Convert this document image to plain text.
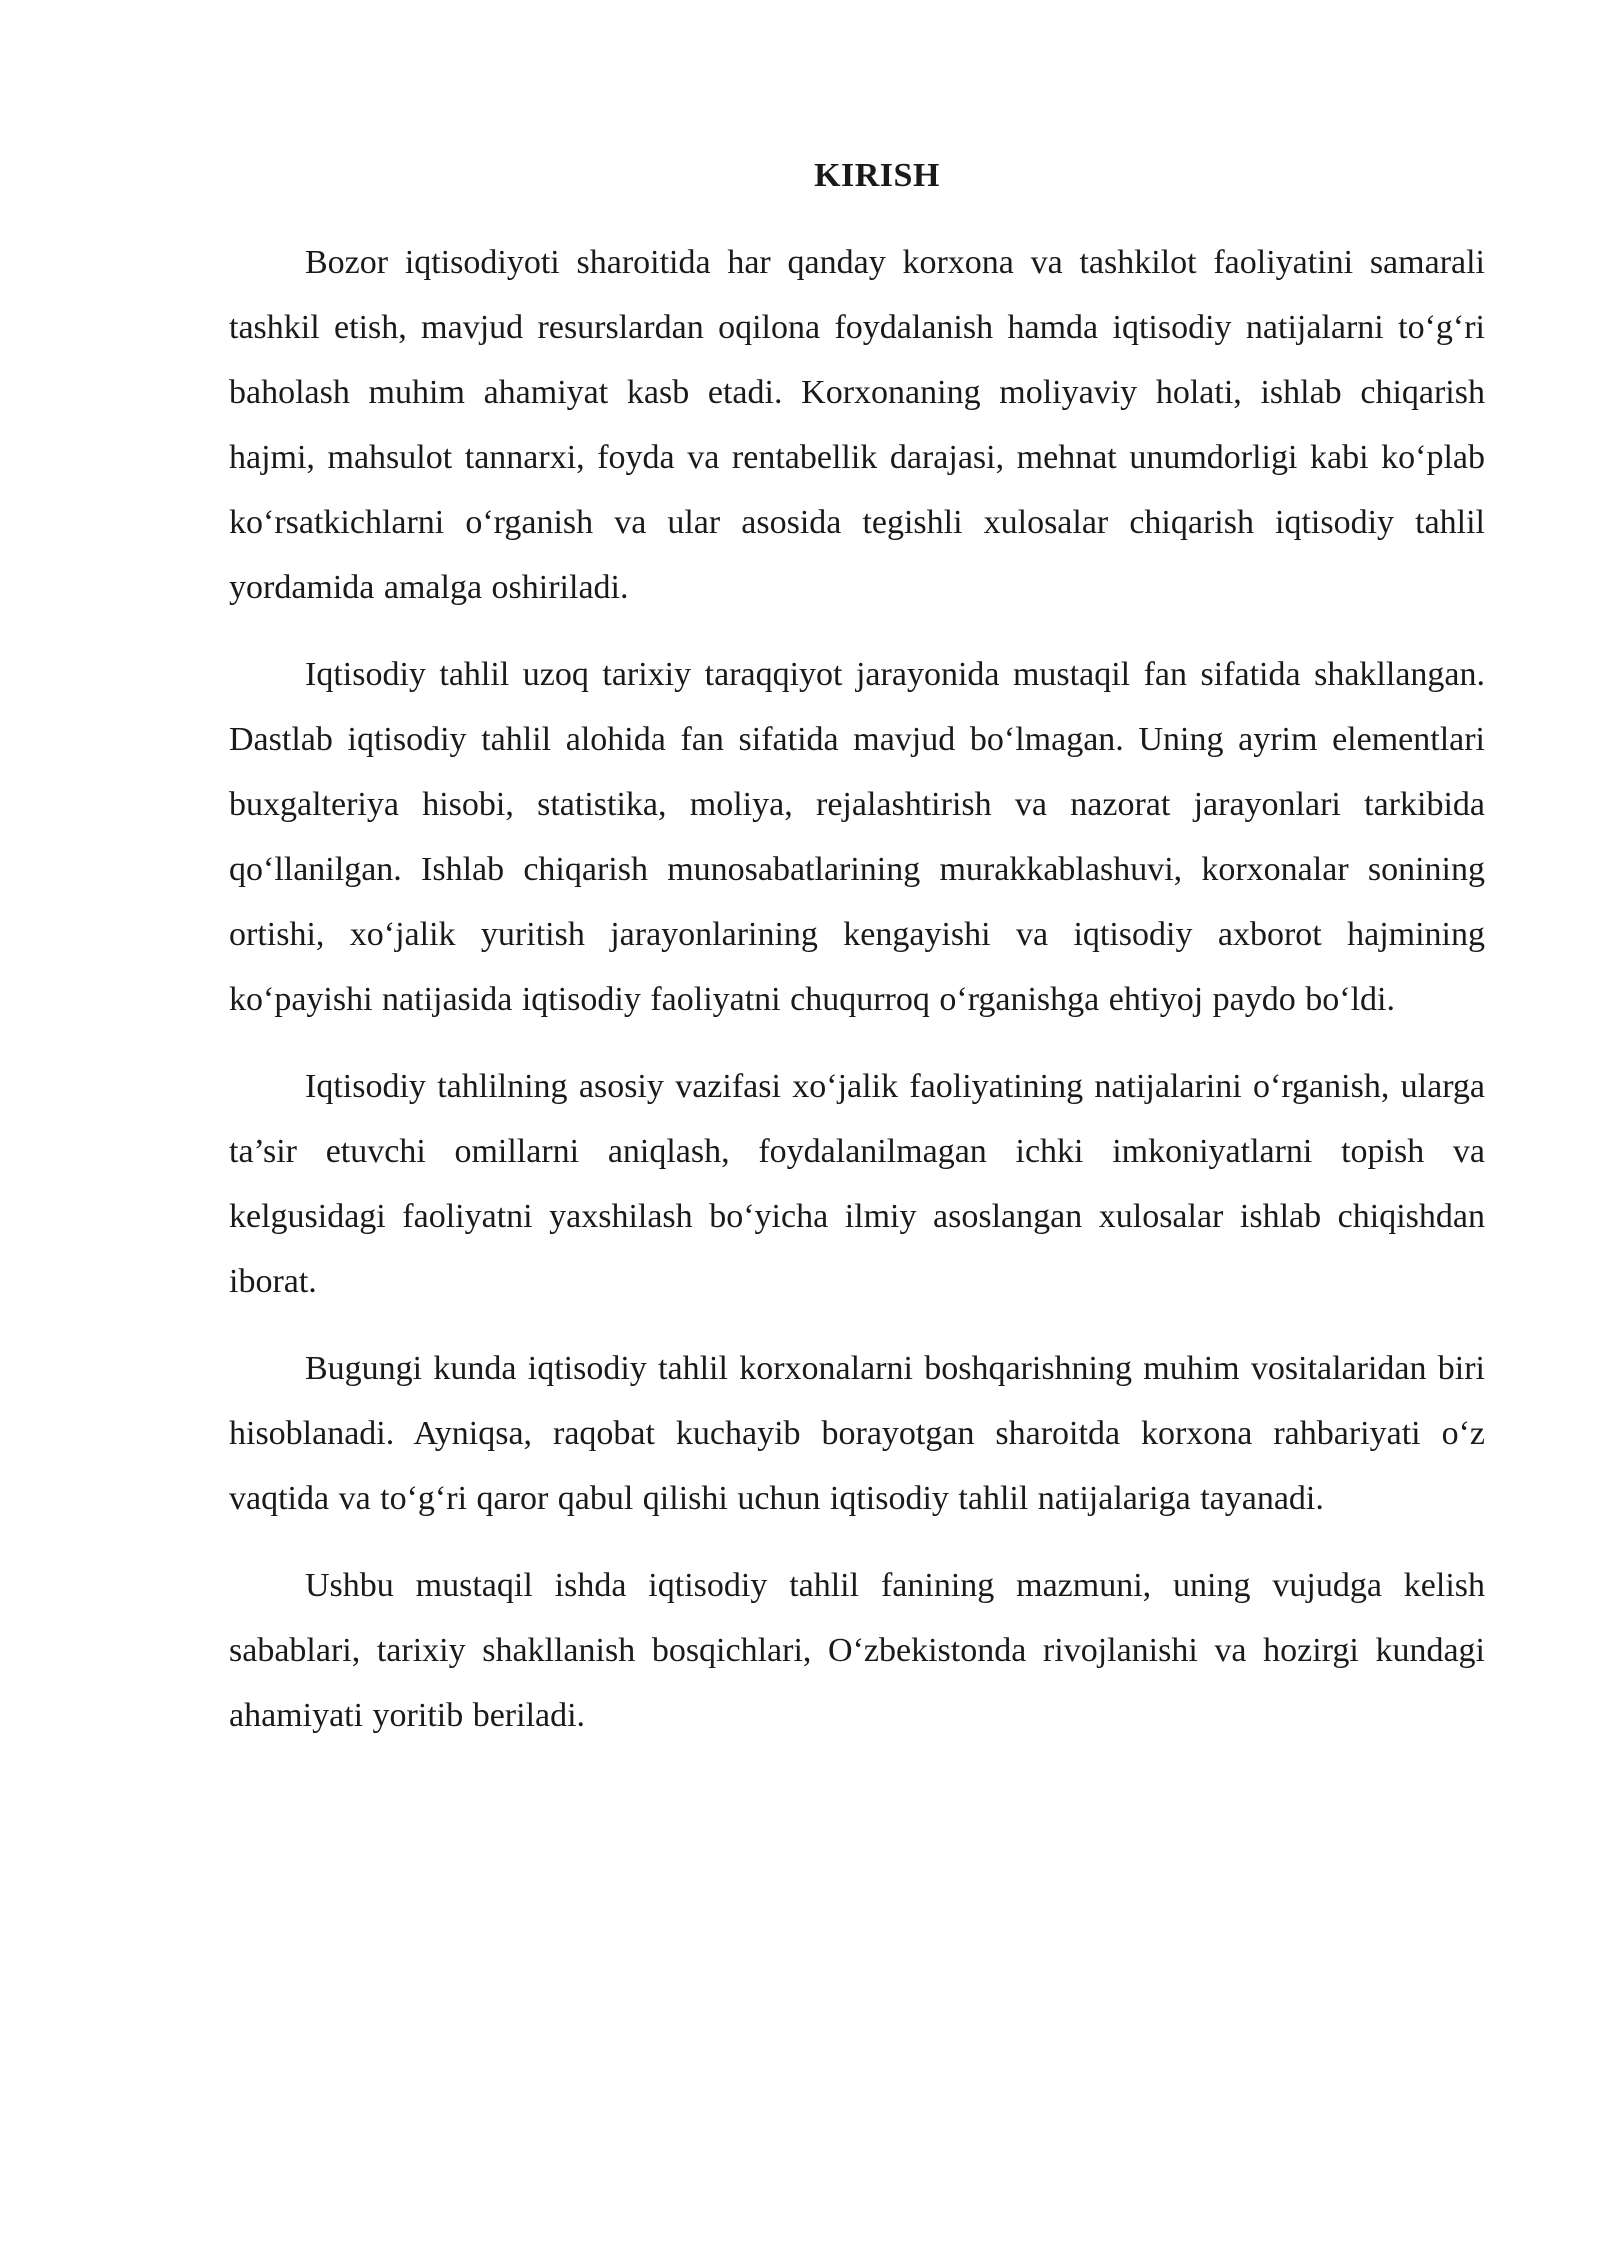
KIRISH

Bozor iqtisodiyoti sharoitida har qanday korxona va tashkilot faoliyatini samarali tashkil etish, mavjud resurslardan oqilona foydalanish hamda iqtisodiy natijalarni to‘g‘ri baholash muhim ahamiyat kasb etadi. Korxonaning moliyaviy holati, ishlab chiqarish hajmi, mahsulot tannarxi, foyda va rentabellik darajasi, mehnat unumdorligi kabi ko‘plab ko‘rsatkichlarni o‘rganish va ular asosida tegishli xulosalar chiqarish iqtisodiy tahlil yordamida amalga oshiriladi.

Iqtisodiy tahlil uzoq tarixiy taraqqiyot jarayonida mustaqil fan sifatida shakllangan. Dastlab iqtisodiy tahlil alohida fan sifatida mavjud bo‘lmagan. Uning ayrim elementlari buxgalteriya hisobi, statistika, moliya, rejalashtirish va nazorat jarayonlari tarkibida qo‘llanilgan. Ishlab chiqarish munosabatlarining murakkablashuvi, korxonalar sonining ortishi, xo‘jalik yuritish jarayonlarining kengayishi va iqtisodiy axborot hajmining ko‘payishi natijasida iqtisodiy faoliyatni chuqurroq o‘rganishga ehtiyoj paydo bo‘ldi.

Iqtisodiy tahlilning asosiy vazifasi xo‘jalik faoliyatining natijalarini o‘rganish, ularga ta’sir etuvchi omillarni aniqlash, foydalanilmagan ichki imkoniyatlarni topish va kelgusidagi faoliyatni yaxshilash bo‘yicha ilmiy asoslangan xulosalar ishlab chiqishdan iborat.

Bugungi kunda iqtisodiy tahlil korxonalarni boshqarishning muhim vositalaridan biri hisoblanadi. Ayniqsa, raqobat kuchayib borayotgan sharoitda korxona rahbariyati o‘z vaqtida va to‘g‘ri qaror qabul qilishi uchun iqtisodiy tahlil natijalariga tayanadi.

Ushbu mustaqil ishda iqtisodiy tahlil fanining mazmuni, uning vujudga kelish sabablari, tarixiy shakllanish bosqichlari, O‘zbekistonda rivojlanishi va hozirgi kundagi ahamiyati yoritib beriladi.
